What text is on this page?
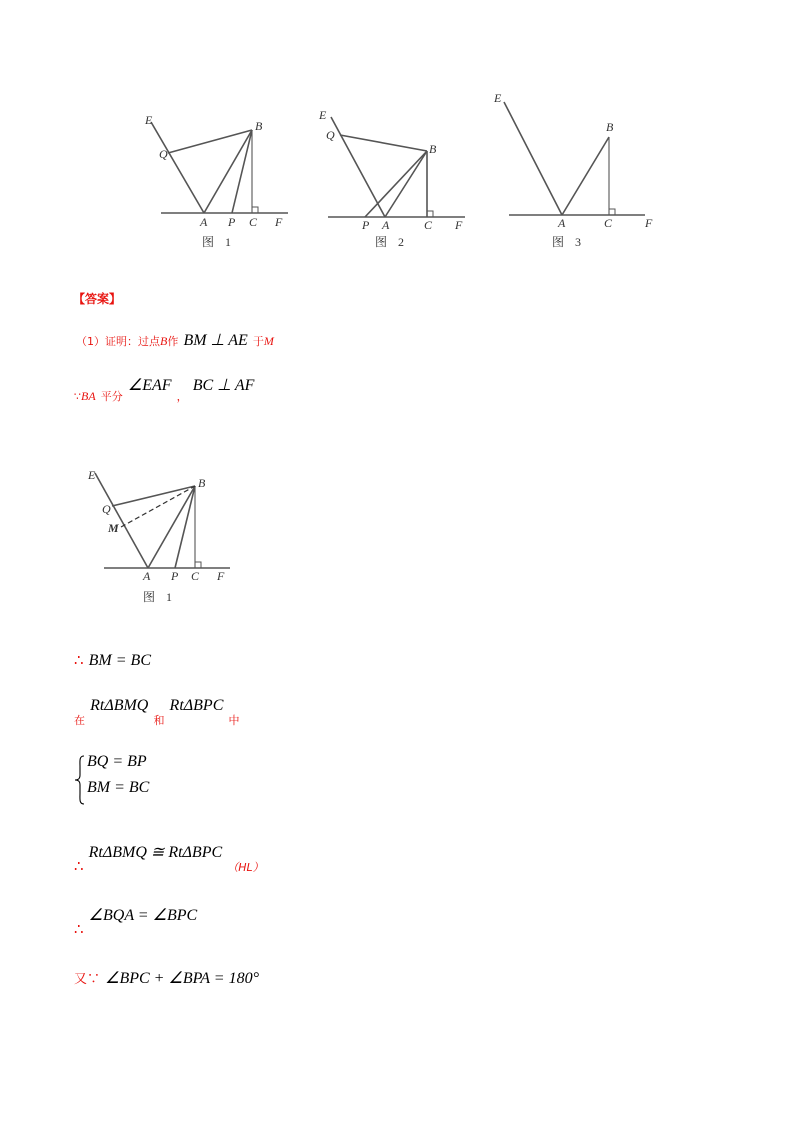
E
Q
B
A P C F
图 1
E
Q
B
P A	C F
图 2
E
B
A	C	F
图 3
【答案】
（1）证明：过点B作 BM ⊥ AE 于M
$_{\because BA}$ $_{平分}$ ∠EAF $_,$ BC ⊥ AF
E
Q
M
B
A P C F
图 1
∴ BM = BC
$_在$ RtΔBMQ $_和$ RtΔBPC $_中$
BQ = BP
BM = BC
∴ RtΔBMQ ≅ RtΔBPC $_{(HL)}$
∴ ∠BQA = ∠BPC
又∵ ∠BPC + ∠BPA = 180°
